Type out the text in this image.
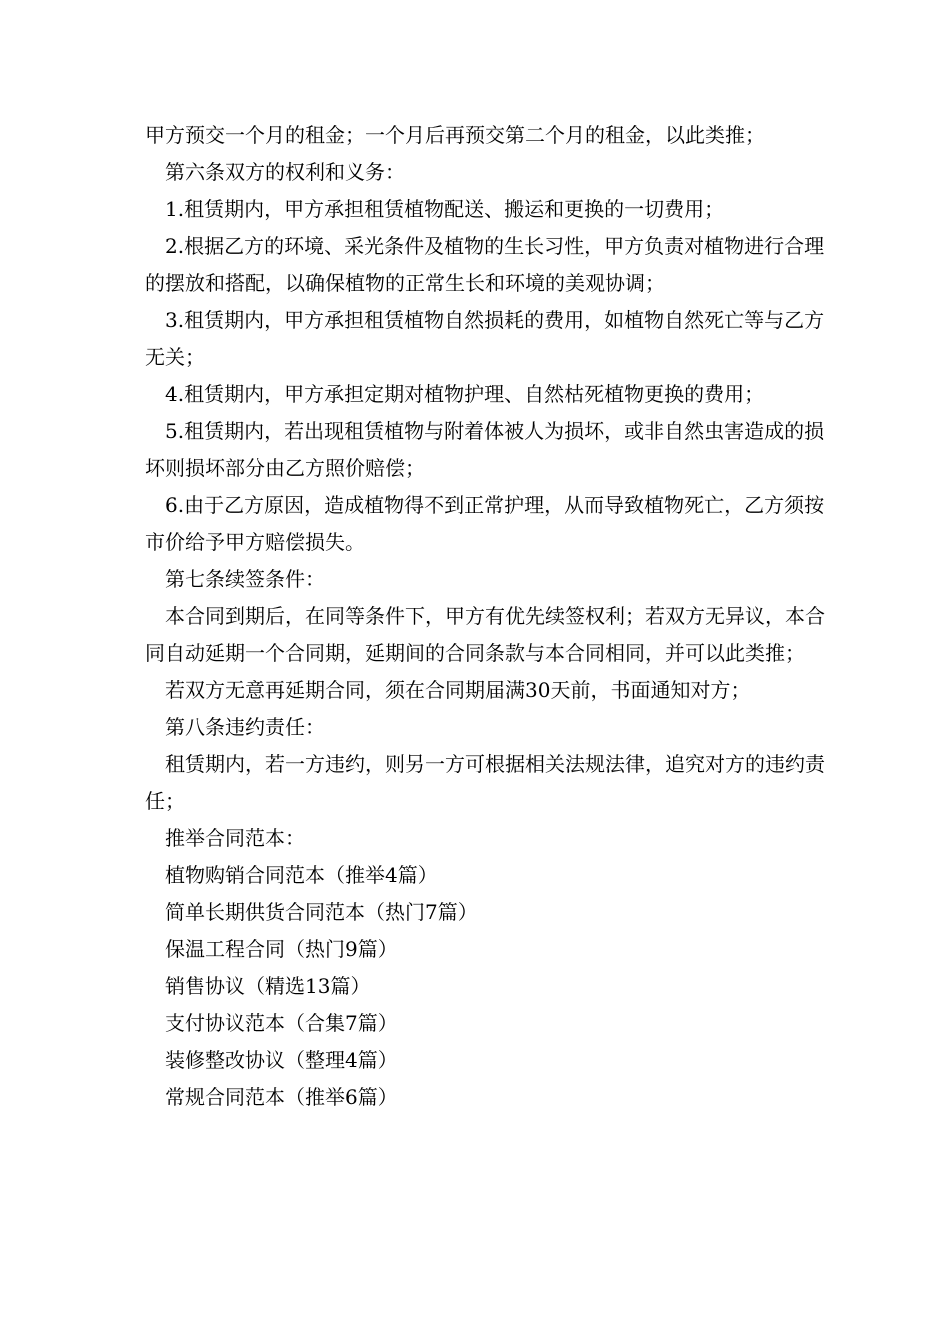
甲方预交一个月的租金；一个月后再预交第二个月的租金，以此类推；

第六条双方的权利和义务：

1.租赁期内，甲方承担租赁植物配送、搬运和更换的一切费用；

2.根据乙方的环境、采光条件及植物的生长习性，甲方负责对植物进行合理的摆放和搭配，以确保植物的正常生长和环境的美观协调；

3.租赁期内，甲方承担租赁植物自然损耗的费用，如植物自然死亡等与乙方无关；

4.租赁期内，甲方承担定期对植物护理、自然枯死植物更换的费用；

5.租赁期内，若出现租赁植物与附着体被人为损坏，或非自然虫害造成的损坏则损坏部分由乙方照价赔偿；

6.由于乙方原因，造成植物得不到正常护理，从而导致植物死亡，乙方须按市价给予甲方赔偿损失。

第七条续签条件：

本合同到期后，在同等条件下，甲方有优先续签权利；若双方无异议，本合同自动延期一个合同期，延期间的合同条款与本合同相同，并可以此类推；

若双方无意再延期合同，须在合同期届满30天前，书面通知对方；

第八条违约责任：

租赁期内，若一方违约，则另一方可根据相关法规法律，追究对方的违约责任；

推举合同范本：

植物购销合同范本（推举4篇）

简单长期供货合同范本（热门7篇）

保温工程合同（热门9篇）

销售协议（精选13篇）

支付协议范本（合集7篇）

装修整改协议（整理4篇）

常规合同范本（推举6篇）
